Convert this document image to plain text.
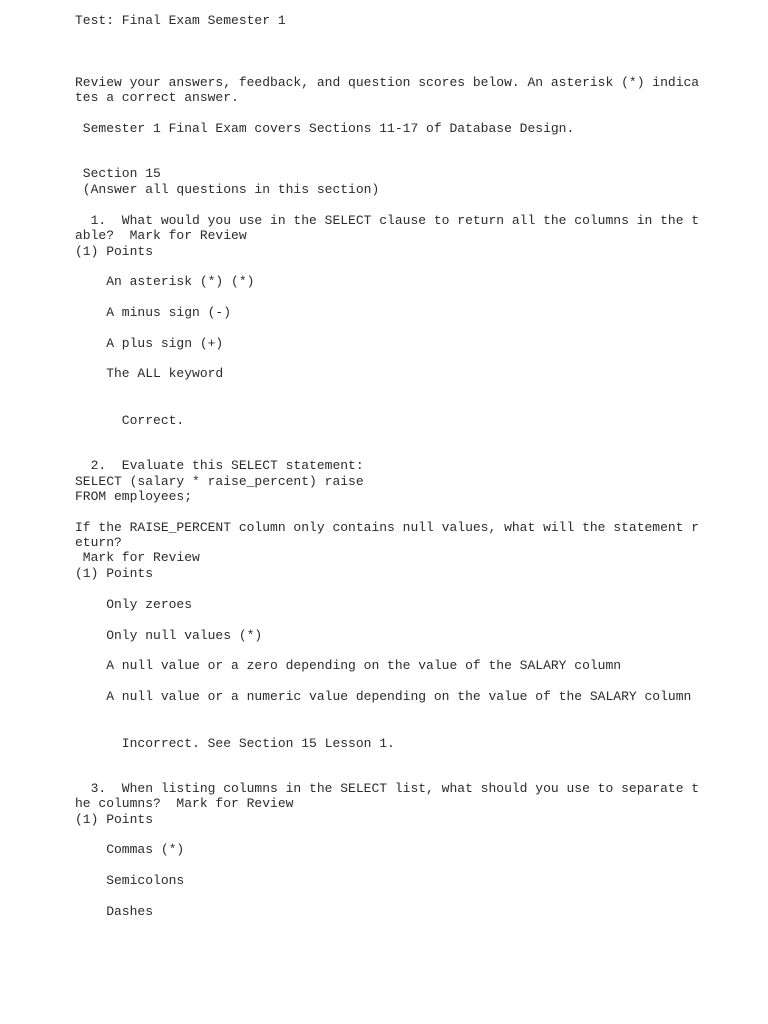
Test: Final Exam Semester 1
Review your answers, feedback, and question scores below. An asterisk (*) indica
tes a correct answer.
Semester 1 Final Exam covers Sections 11-17 of Database Design.
Section 15
(Answer all questions in this section)
1.  What would you use in the SELECT clause to return all the columns in the t
able?  Mark for Review
(1) Points
An asterisk (*) (*)
A minus sign (-)
A plus sign (+)
The ALL keyword
Correct.
2.  Evaluate this SELECT statement:
SELECT (salary * raise_percent) raise
FROM employees;
If the RAISE_PERCENT column only contains null values, what will the statement r
eturn?
Mark for Review
(1) Points
Only zeroes
Only null values (*)
A null value or a zero depending on the value of the SALARY column
A null value or a numeric value depending on the value of the SALARY column
Incorrect. See Section 15 Lesson 1.
3.  When listing columns in the SELECT list, what should you use to separate t
he columns?  Mark for Review
(1) Points
Commas (*)
Semicolons
Dashes
